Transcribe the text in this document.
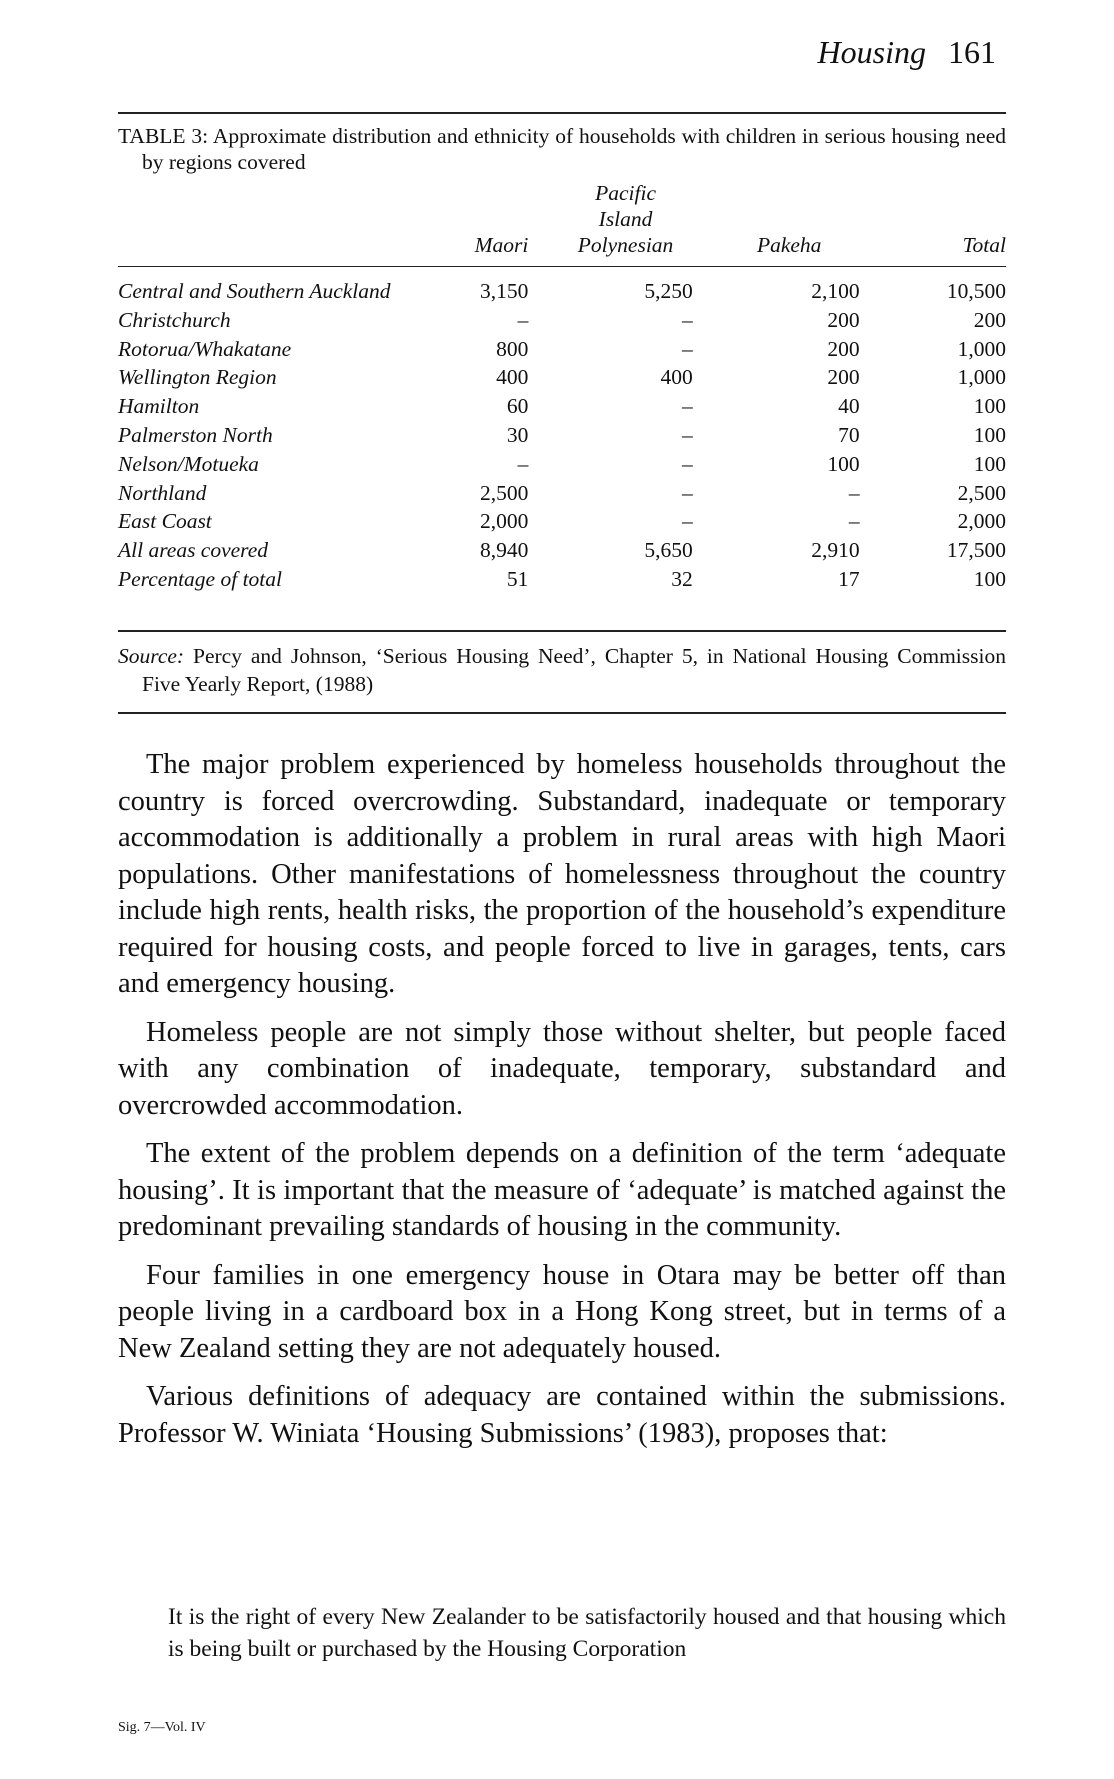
Housing 161
TABLE 3: Approximate distribution and ethnicity of households with children in serious housing need by regions covered
	Maori	Pacific
Island
Polynesian	Pakeha	Total
Central and Southern Auckland	3,150	5,250	2,100	10,500
Christchurch	–	–	200	200
Rotorua/Whakatane	800	–	200	1,000
Wellington Region	400	400	200	1,000
Hamilton	60	–	40	100
Palmerston North	30	–	70	100
Nelson/Motueka	–	–	100	100
Northland	2,500	–	–	2,500
East Coast	2,000	–	–	2,000
All areas covered	8,940	5,650	2,910	17,500
Percentage of total	51	32	17	100
Source: Percy and Johnson, ‘Serious Housing Need’, Chapter 5, in National Housing Commission Five Yearly Report, (1988)

The major problem experienced by homeless households throughout the country is forced overcrowding. Substandard, inadequate or temporary accommodation is additionally a problem in rural areas with high Maori populations. Other manifestations of homelessness throughout the country include high rents, health risks, the proportion of the household’s expenditure required for housing costs, and people forced to live in garages, tents, cars and emergency housing.

Homeless people are not simply those without shelter, but people faced with any combination of inadequate, temporary, substandard and overcrowded accommodation.

The extent of the problem depends on a definition of the term ‘adequate housing’. It is important that the measure of ‘adequate’ is matched against the predominant prevailing standards of housing in the community.

Four families in one emergency house in Otara may be better off than people living in a cardboard box in a Hong Kong street, but in terms of a New Zealand setting they are not adequately housed.

Various definitions of adequacy are contained within the submissions. Professor W. Winiata ‘Housing Submissions’ (1983), proposes that:

It is the right of every New Zealander to be satisfactorily housed and that housing which is being built or purchased by the Housing Corporation
Sig. 7—Vol. IV
